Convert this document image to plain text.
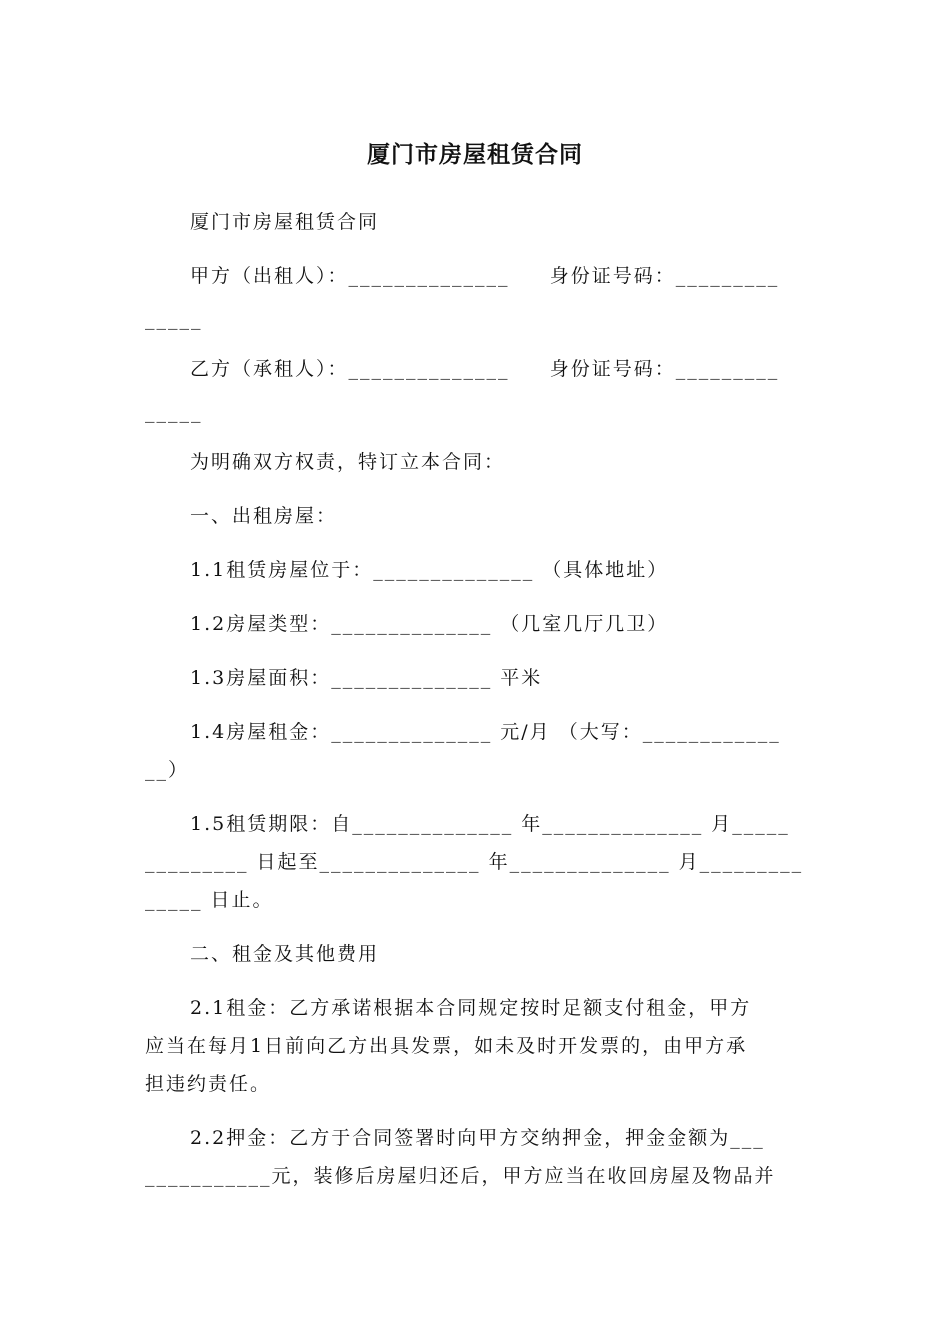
厦门市房屋租赁合同
厦门市房屋租赁合同
甲方（出租人）：______________     身份证号码：_________
_____
乙方（承租人）：______________     身份证号码：_________
_____
为明确双方权责，特订立本合同：
一、出租房屋：
1.1租赁房屋位于：______________ （具体地址）
1.2房屋类型：______________ （几室几厅几卫）
1.3房屋面积：______________ 平米
1.4房屋租金：______________ 元/月 （大写：____________
__）
1.5租赁期限：自______________ 年______________ 月_____
_________ 日起至______________ 年______________ 月_________
_____ 日止。
二、租金及其他费用
2.1租金：乙方承诺根据本合同规定按时足额支付租金，甲方
应当在每月1日前向乙方出具发票，如未及时开发票的，由甲方承
担违约责任。
2.2押金：乙方于合同签署时向甲方交纳押金，押金金额为___
___________元，装修后房屋归还后，甲方应当在收回房屋及物品并
